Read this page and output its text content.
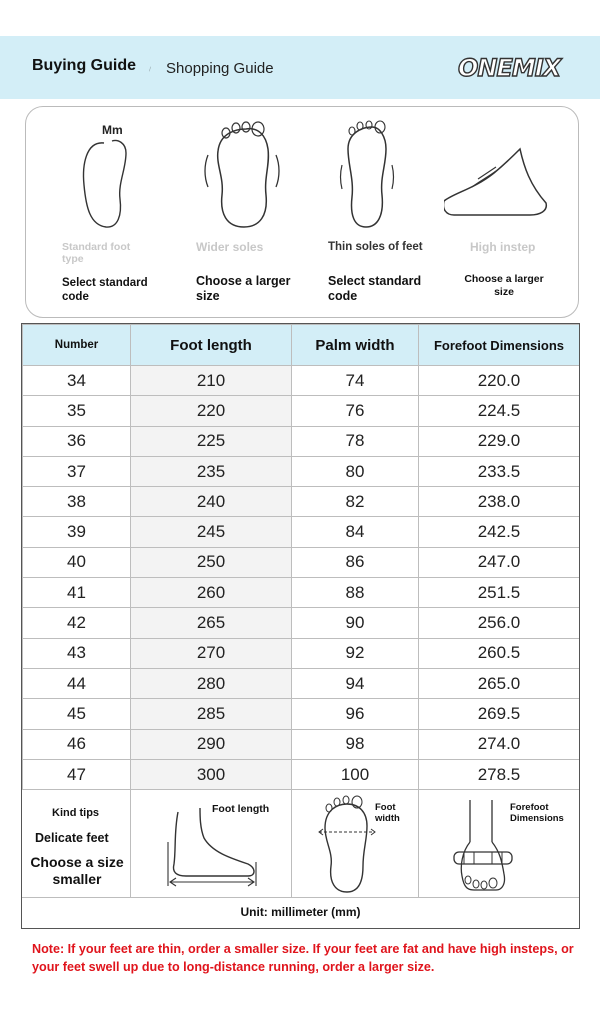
Buying Guide Shopping Guide	ONEMIX
Mm
Standard foot type
Select standard code
Wider soles
Choose a larger size
Thin soles of feet
Select standard code
High instep
Choose a larger size
Number	Foot length	Palm width	Forefoot Dimensions
34	210	74	220.0
35	220	76	224.5
36	225	78	229.0
37	235	80	233.5
38	240	82	238.0
39	245	84	242.5
40	250	86	247.0
41	260	88	251.5
42	265	90	256.0
43	270	92	260.5
44	280	94	265.0
45	285	96	269.5
46	290	98	274.0
47	300	100	278.5
Kind tips
Delicate feet
Choose a size smaller
Foot length	Foot width
Forefoot Dimensions
Unit: millimeter (mm)
Note: If your feet are thin, order a smaller size. If your feet are fat and have high insteps, or your feet swell up due to long-distance running, order a larger size.
